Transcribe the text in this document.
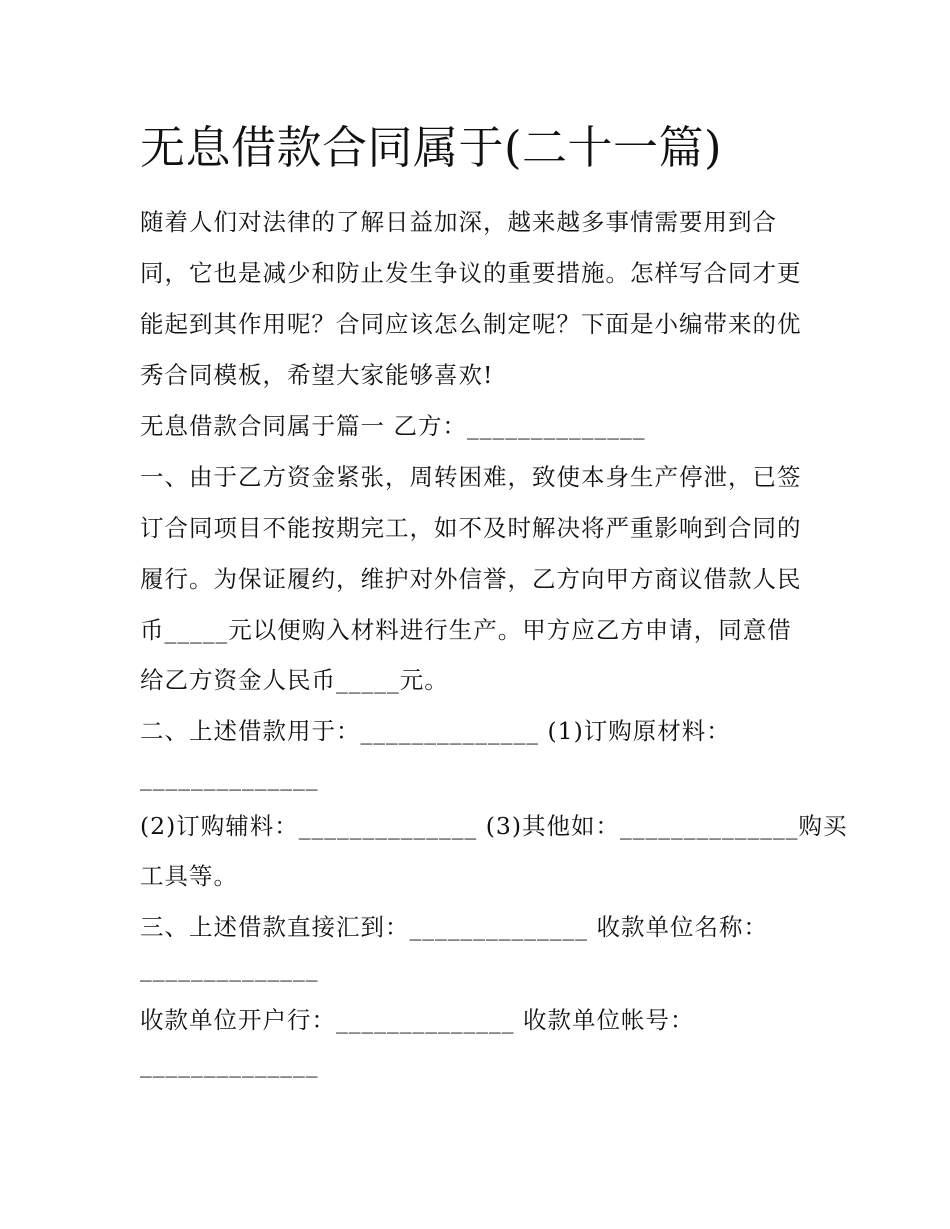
无息借款合同属于(二十一篇)
随着人们对法律的了解日益加深，越来越多事情需要用到合
同，它也是减少和防止发生争议的重要措施。怎样写合同才更
能起到其作用呢？合同应该怎么制定呢？下面是小编带来的优
秀合同模板，希望大家能够喜欢!
无息借款合同属于篇一 乙方：______________
一、由于乙方资金紧张，周转困难，致使本身生产停泄，已签
订合同项目不能按期完工，如不及时解决将严重影响到合同的
履行。为保证履约，维护对外信誉，乙方向甲方商议借款人民
币_____元以便购入材料进行生产。甲方应乙方申请，同意借
给乙方资金人民币_____元。
二、上述借款用于：______________ (1)订购原材料：
______________
(2)订购辅料：______________ (3)其他如：______________购买
工具等。
三、上述借款直接汇到：______________ 收款单位名称：
______________
收款单位开户行：______________ 收款单位帐号：
______________
